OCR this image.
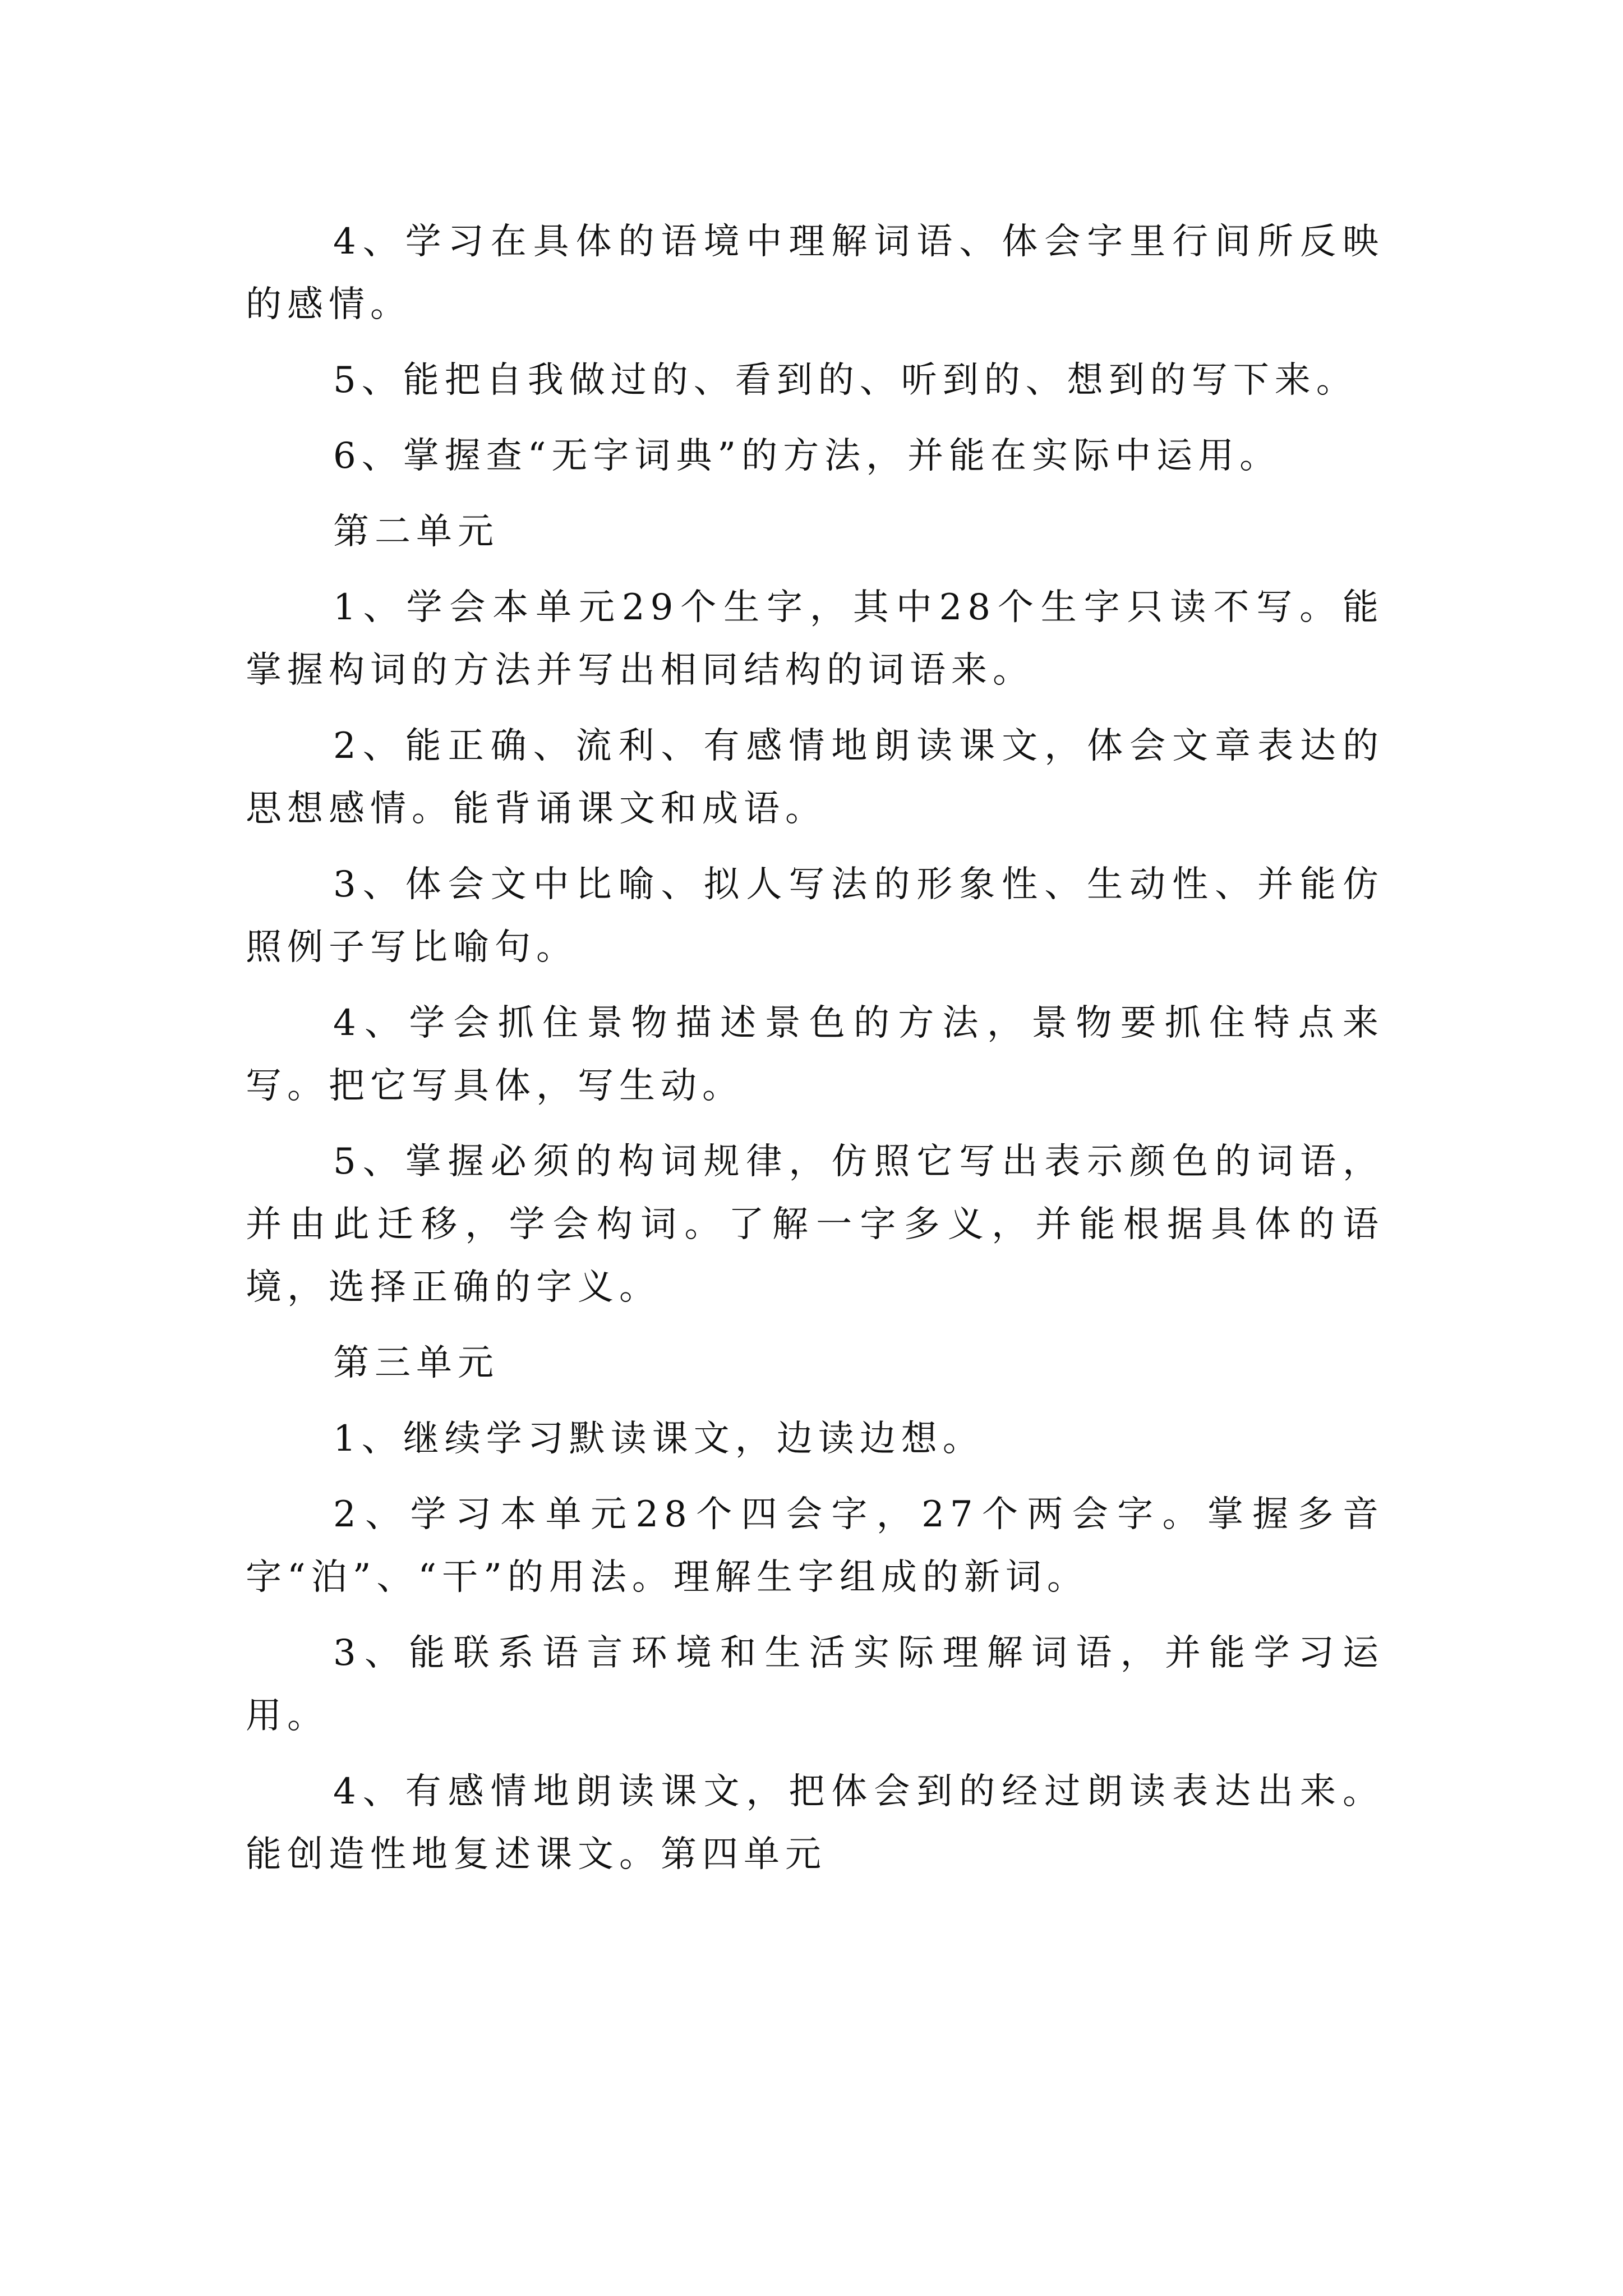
4、学习在具体的语境中理解词语、体会字里行间所反映的感情。

5、能把自我做过的、看到的、听到的、想到的写下来。

6、掌握查“无字词典”的方法，并能在实际中运用。

第二单元

1、学会本单元29个生字，其中28个生字只读不写。能掌握构词的方法并写出相同结构的词语来。

2、能正确、流利、有感情地朗读课文，体会文章表达的思想感情。能背诵课文和成语。

3、体会文中比喻、拟人写法的形象性、生动性、并能仿照例子写比喻句。

4、学会抓住景物描述景色的方法，景物要抓住特点来写。把它写具体，写生动。

5、掌握必须的构词规律，仿照它写出表示颜色的词语，并由此迁移，学会构词。了解一字多义，并能根据具体的语境，选择正确的字义。

第三单元

1、继续学习默读课文，边读边想。

2、学习本单元28个四会字，27个两会字。掌握多音字“泊”、“干”的用法。理解生字组成的新词。

3、能联系语言环境和生活实际理解词语，并能学习运用。

4、有感情地朗读课文，把体会到的经过朗读表达出来。能创造性地复述课文。第四单元
